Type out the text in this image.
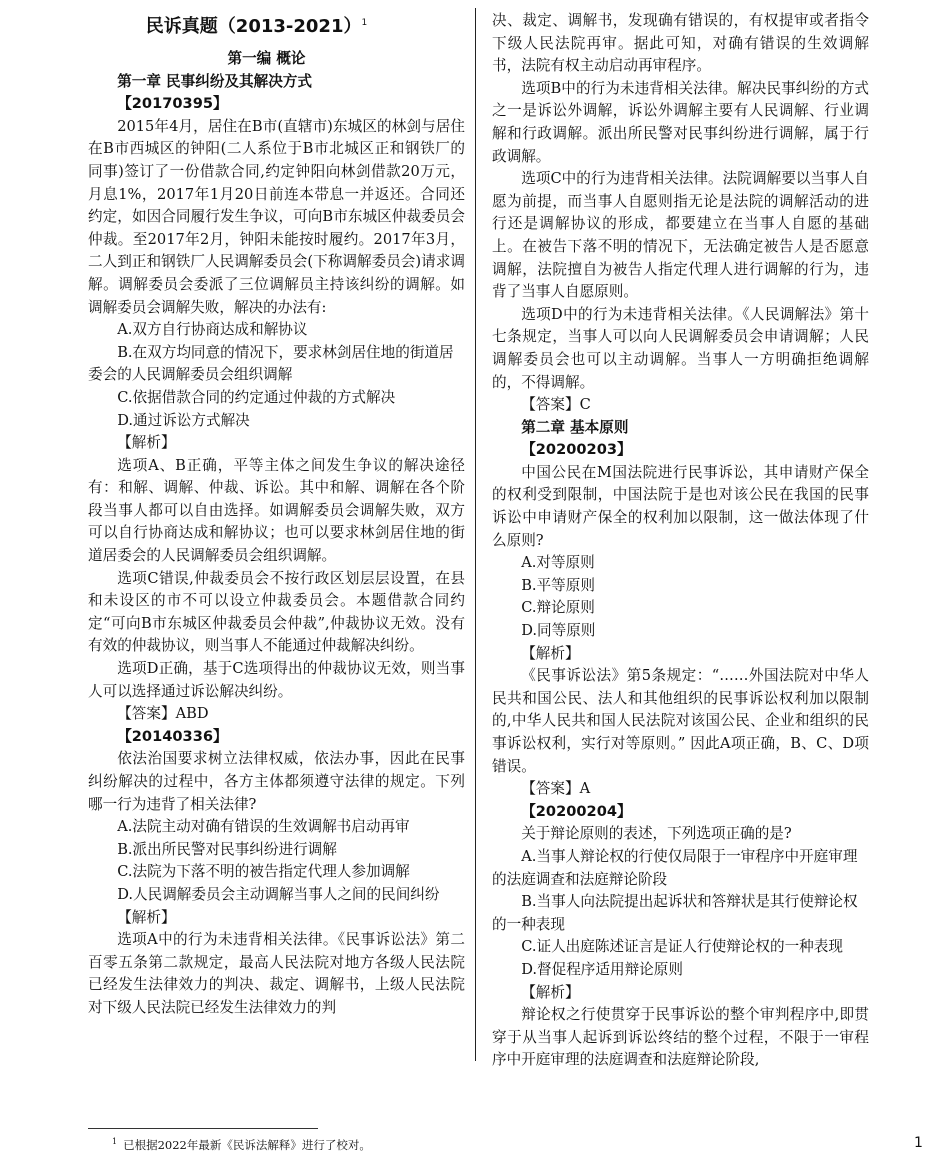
民诉真题（2013-2021）$^1$

第一编 概论

第一章 民事纠纷及其解决方式

【20170395】

2015年4月，居住在B市(直辖市)东城区的林剑与居住在B市西城区的钟阳(二人系位于B市北城区正和钢铁厂的同事)签订了一份借款合同,约定钟阳向林剑借款20万元，月息1%，2017年1月20日前连本带息一并返还。合同还约定，如因合同履行发生争议，可向B市东城区仲裁委员会仲裁。至2017年2月，钟阳未能按时履约。2017年3月，二人到正和钢铁厂人民调解委员会(下称调解委员会)请求调解。调解委员会委派了三位调解员主持该纠纷的调解。如调解委员会调解失败，解决的办法有:

A.双方自行协商达成和解协议

B.在双方均同意的情况下，要求林剑居住地的街道居委会的人民调解委员会组织调解

C.依据借款合同的约定通过仲裁的方式解决

D.通过诉讼方式解决

【解析】

选项A、B正确，平等主体之间发生争议的解决途径有：和解、调解、仲裁、诉讼。其中和解、调解在各个阶段当事人都可以自由选择。如调解委员会调解失败，双方可以自行协商达成和解协议；也可以要求林剑居住地的街道居委会的人民调解委员会组织调解。

选项C错误,仲裁委员会不按行政区划层层设置，在县和未设区的市不可以设立仲裁委员会。本题借款合同约定“可向B市东城区仲裁委员会仲裁”,仲裁协议无效。没有有效的仲裁协议，则当事人不能通过仲裁解决纠纷。

选项D正确，基于C选项得出的仲裁协议无效，则当事人可以选择通过诉讼解决纠纷。

【答案】ABD

【20140336】

依法治国要求树立法律权威，依法办事，因此在民事纠纷解决的过程中，各方主体都须遵守法律的规定。下列哪一行为违背了相关法律?

A.法院主动对确有错误的生效调解书启动再审

B.派出所民警对民事纠纷进行调解

C.法院为下落不明的被告指定代理人参加调解

D.人民调解委员会主动调解当事人之间的民间纠纷

【解析】

选项A中的行为未违背相关法律。《民事诉讼法》第二百零五条第二款规定，最高人民法院对地方各级人民法院已经发生法律效力的判决、裁定、调解书，上级人民法院对下级人民法院已经发生法律效力的判

决、裁定、调解书，发现确有错误的，有权提审或者指令下级人民法院再审。据此可知，对确有错误的生效调解书，法院有权主动启动再审程序。

选项B中的行为未违背相关法律。解决民事纠纷的方式之一是诉讼外调解，诉讼外调解主要有人民调解、行业调解和行政调解。派出所民警对民事纠纷进行调解，属于行政调解。

选项C中的行为违背相关法律。法院调解要以当事人自愿为前提，而当事人自愿则指无论是法院的调解活动的进行还是调解协议的形成，都要建立在当事人自愿的基础上。在被告下落不明的情况下，无法确定被告人是否愿意调解，法院擅自为被告人指定代理人进行调解的行为，违背了当事人自愿原则。

选项D中的行为未违背相关法律。《人民调解法》第十七条规定，当事人可以向人民调解委员会申请调解；人民调解委员会也可以主动调解。当事人一方明确拒绝调解的，不得调解。

【答案】C

第二章 基本原则

【20200203】

中国公民在M国法院进行民事诉讼，其申请财产保全的权利受到限制，中国法院于是也对该公民在我国的民事诉讼中申请财产保全的权利加以限制，这一做法体现了什么原则?

A.对等原则

B.平等原则

C.辩论原则

D.同等原则

【解析】

《民事诉讼法》第5条规定：“……外国法院对中华人民共和国公民、法人和其他组织的民事诉讼权利加以限制的,中华人民共和国人民法院对该国公民、企业和组织的民事诉讼权利，实行对等原则。” 因此A项正确，B、C、D项错误。

【答案】A

【20200204】

关于辩论原则的表述，下列选项正确的是?

A.当事人辩论权的行使仅局限于一审程序中开庭审理的法庭调查和法庭辩论阶段

B.当事人向法院提出起诉状和答辩状是其行使辩论权的一种表现

C.证人出庭陈述证言是证人行使辩论权的一种表现

D.督促程序适用辩论原则

【解析】

辩论权之行使贯穿于民事诉讼的整个审判程序中,即贯穿于从当事人起诉到诉讼终结的整个过程，不限于一审程序中开庭审理的法庭调查和法庭辩论阶段,

$^1$ 已根据2022年最新《民诉法解释》进行了校对。	1
